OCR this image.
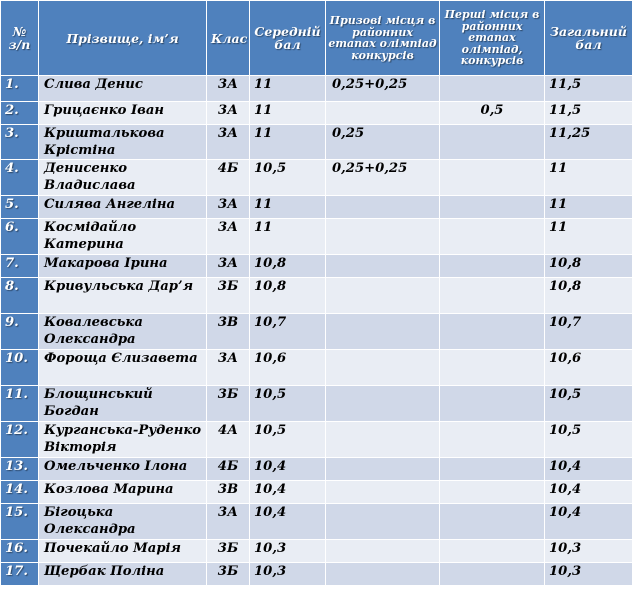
№ з/п	Прізвище, ім’я	Клас	Середній бал	Призові місця в районних етапах олімпіад конкурсів	Перші місця в районних етапах олімпіад, конкурсів	Загальний бал
1.	Слива Денис	3А	11	0,25+0,25		11,5
2.	Грицаєнко Іван	3А	11		0,5	11,5
3.	Кришталькова Крістіна	3А	11	0,25		11,25
4.	Денисенко Владислава	4Б	10,5	0,25+0,25		11
5.	Силява Ангеліна	3А	11			11
6.	Космідайло Катерина	3А	11			11
7.	Макарова Ірина	3А	10,8			10,8
8.	Кривульська Дар’я	3Б	10,8			10,8
9.	Ковалевська Олександра	3В	10,7			10,7
10.	Фороща Єлизавета	3А	10,6			10,6
11.	Блощинський Богдан	3Б	10,5			10,5
12.	Курганська-Руденко Вікторія	4А	10,5			10,5
13.	Омельченко Ілона	4Б	10,4			10,4
14.	Козлова Марина	3В	10,4			10,4
15.	Бігоцька Олександра	3А	10,4			10,4
16.	Почекайло Марія	3Б	10,3			10,3
17.	Щербак Поліна	3Б	10,3			10,3
